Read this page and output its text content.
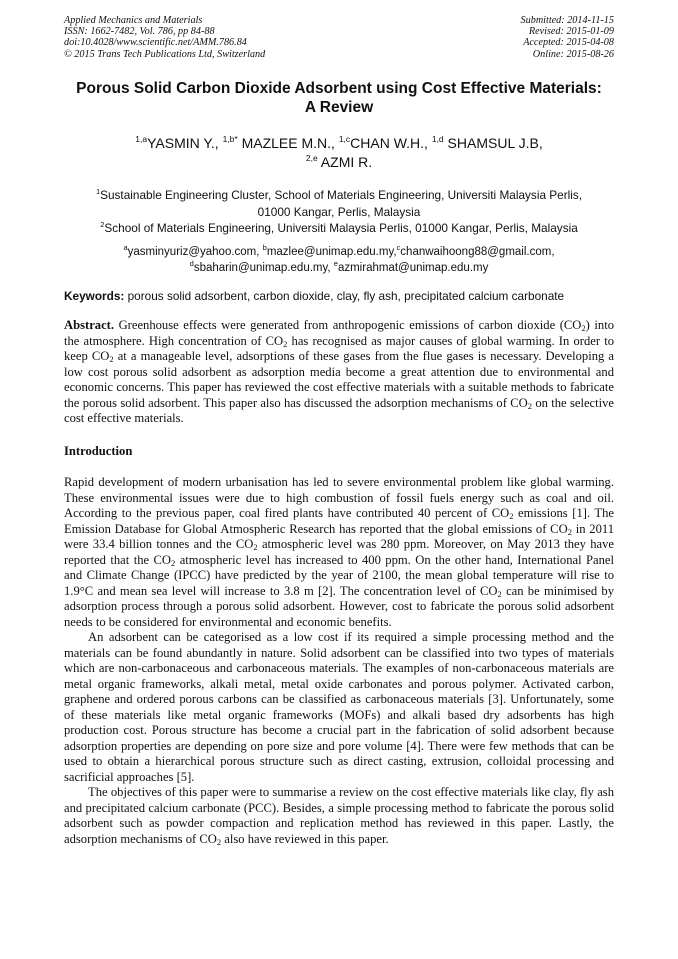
Applied Mechanics and Materials
ISSN: 1662-7482, Vol. 786, pp 84-88
doi:10.4028/www.scientific.net/AMM.786.84
© 2015 Trans Tech Publications Ltd, Switzerland
Submitted: 2014-11-15
Revised: 2015-01-09
Accepted: 2015-04-08
Online: 2015-08-26
Porous Solid Carbon Dioxide Adsorbent using Cost Effective Materials:
A Review
$^{1,a}$YASMIN Y., $^{1,b*}$ MAZLEE M.N., $^{1,c}$CHAN W.H., $^{1,d}$ SHAMSUL J.B,
$^{2,e}$ AZMI R.
$^1$Sustainable Engineering Cluster, School of Materials Engineering, Universiti Malaysia Perlis,
01000 Kangar, Perlis, Malaysia
$^2$School of Materials Engineering, Universiti Malaysia Perlis, 01000 Kangar, Perlis, Malaysia
$^a$yasminyuriz@yahoo.com, $^b$mazlee@unimap.edu.my,$^c$chanwaihoong88@gmail.com,
$^d$sbaharin@unimap.edu.my, $^e$azmirahmat@unimap.edu.my
Keywords: porous solid adsorbent, carbon dioxide, clay, fly ash, precipitated calcium carbonate
Abstract. Greenhouse effects were generated from anthropogenic emissions of carbon dioxide $(CO_2)$ into the atmosphere. High concentration of $CO_2$ has recognised as major causes of global warming. In order to keep $CO_2$ at a manageable level, adsorptions of these gases from the flue gases is necessary. Developing a low cost porous solid adsorbent as adsorption media become a great attention due to environmental and economic concerns. This paper has reviewed the cost effective materials with a suitable methods to fabricate the porous solid adsorbent. This paper also has discussed the adsorption mechanisms of $CO_2$ on the selective cost effective materials.
Introduction

Rapid development of modern urbanisation has led to severe environmental problem like global warming. These environmental issues were due to high combustion of fossil fuels energy such as coal and oil. According to the previous paper, coal fired plants have contributed 40 percent of $CO_2$ emissions [1]. The Emission Database for Global Atmospheric Research has reported that the global emissions of $CO_2$ in 2011 were 33.4 billion tonnes and the $CO_2$ atmospheric level was 280 ppm. Moreover, on May 2013 they have reported that the $CO_2$ atmospheric level has increased to 400 ppm. On the other hand, International Panel and Climate Change (IPCC) have predicted by the year of 2100, the mean global temperature will rise to 1.9°C and mean sea level will increase to 3.8 m [2]. The concentration level of $CO_2$ can be minimised by adsorption process through a porous solid adsorbent. However, cost to fabricate the porous solid adsorbent needs to be considered for environmental and economic benefits.

An adsorbent can be categorised as a low cost if its required a simple processing method and the materials can be found abundantly in nature. Solid adsorbent can be classified into two types of materials which are non-carbonaceous and carbonaceous materials. The examples of non-carbonaceous materials are metal organic frameworks, alkali metal, metal oxide carbonates and porous polymer. Activated carbon, graphene and ordered porous carbons can be classified as carbonaceous materials [3]. Unfortunately, some of these materials like metal organic frameworks (MOFs) and alkali based dry adsorbents has high production cost. Porous structure has become a crucial part in the fabrication of solid adsorbent because adsorption properties are depending on pore size and pore volume [4]. There were few methods that can be used to obtain a hierarchical porous structure such as direct casting, extrusion, colloidal processing and sacrificial approaches [5].

The objectives of this paper were to summarise a review on the cost effective materials like clay, fly ash and precipitated calcium carbonate (PCC). Besides, a simple processing method to fabricate the porous solid adsorbent such as powder compaction and replication method has reviewed in this paper. Lastly, the adsorption mechanisms of $CO_2$ also have reviewed in this paper.
